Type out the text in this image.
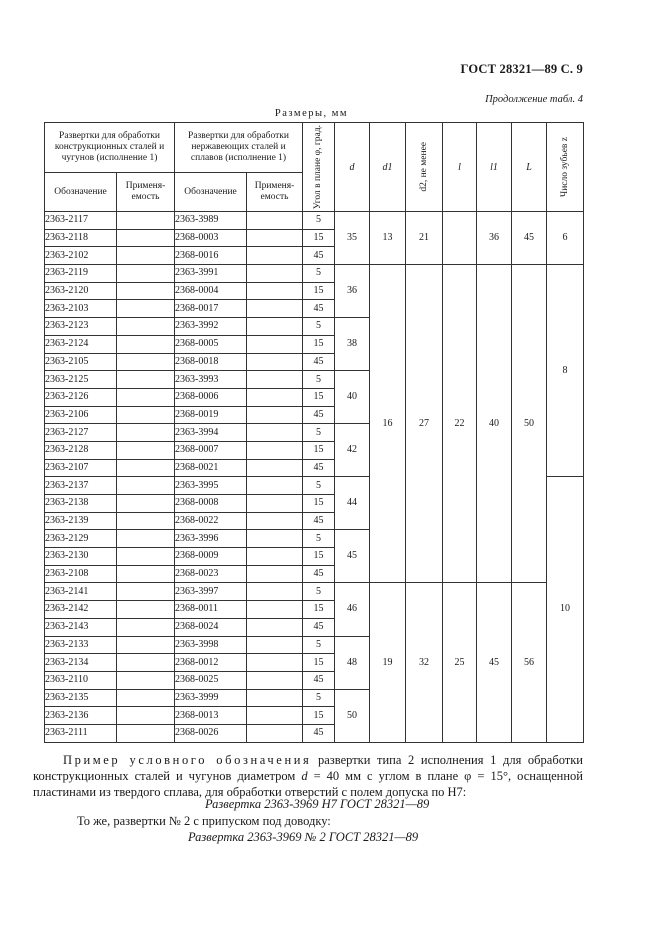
ГОСТ 28321—89 С. 9
Продолжение табл. 4
Размеры, мм
Развертки для обработки конструкционных сталей и чугунов (исполнение 1)		Развертки для обработки нержавеющих сталей и сплавов (исполнение 1)		Угол в плане φ, град.	d	d1	d2, не менее	l	l1	L	Число зубьев z

Обозначение	Применя-емость	Обозначение	Применя-емость								
2363-2117		2363-3989		5	35	13	21		36	45	6
2363-2118		2368-0003		15							
2363-2102		2368-0016		45							
2363-2119		2363-3991		5	36	16	27	22	40	50	8
2363-2120		2368-0004		15							
2363-2103		2368-0017		45							
2363-2123		2363-3992		5	38						
2363-2124		2368-0005		15							
2363-2105		2368-0018		45							
2363-2125		2363-3993		5	40						
2363-2126		2368-0006		15							
2363-2106		2368-0019		45							
2363-2127		2363-3994		5	42						
2363-2128		2368-0007		15							
2363-2107		2368-0021		45							
2363-2137		2363-3995		5	44						10
2363-2138		2368-0008		15							
2363-2139		2368-0022		45							
2363-2129		2363-3996		5	45						
2363-2130		2368-0009		15							
2363-2108		2368-0023		45							
2363-2141		2363-3997		5	46	19	32	25	45	56	
2363-2142		2368-0011		15							
2363-2143		2368-0024		45							
2363-2133		2363-3998		5	48						
2363-2134		2368-0012		15							
2363-2110		2368-0025		45							
2363-2135		2363-3999		5	50						
2363-2136		2368-0013		15							
2363-2111		2368-0026		45							
Пример условного обозначения развертки типа 2 исполнения 1 для обработки конструкционных сталей и чугунов диаметром d = 40 мм с углом в плане φ = 15°, оснащенной пластинами из твердого сплава, для обработки отверстий с полем допуска по Н7:
Развертка 2363-3969 Н7 ГОСТ 28321—89
То же, развертки № 2 с припуском под доводку:
Развертка 2363-3969 № 2 ГОСТ 28321—89
